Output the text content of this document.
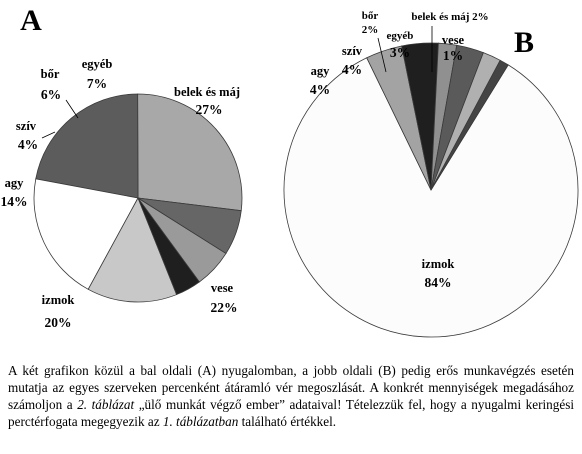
belek és máj
27%
vese
22%
izmok
20%
agy
14%
szív
4%
bőr
6%
egyéb
7%
izmok
84%
agy
4%
szív
4%
bőr
2% egyéb
3%
belek és máj 2%
vese
1%
A
B
A két grafikon közül a bal oldali (A) nyugalomban, a jobb oldali (B) pedig erős munkavégzés esetén mutatja az egyes szerveken percenként átáramló vér megoszlását. A konkrét mennyiségek megadásához számoljon a 2. táblázat „ülő munkát végző ember” adataival! Tételezzük fel, hogy a nyugalmi keringési perctérfogata megegyezik az 1. táblázatban található értékkel.
